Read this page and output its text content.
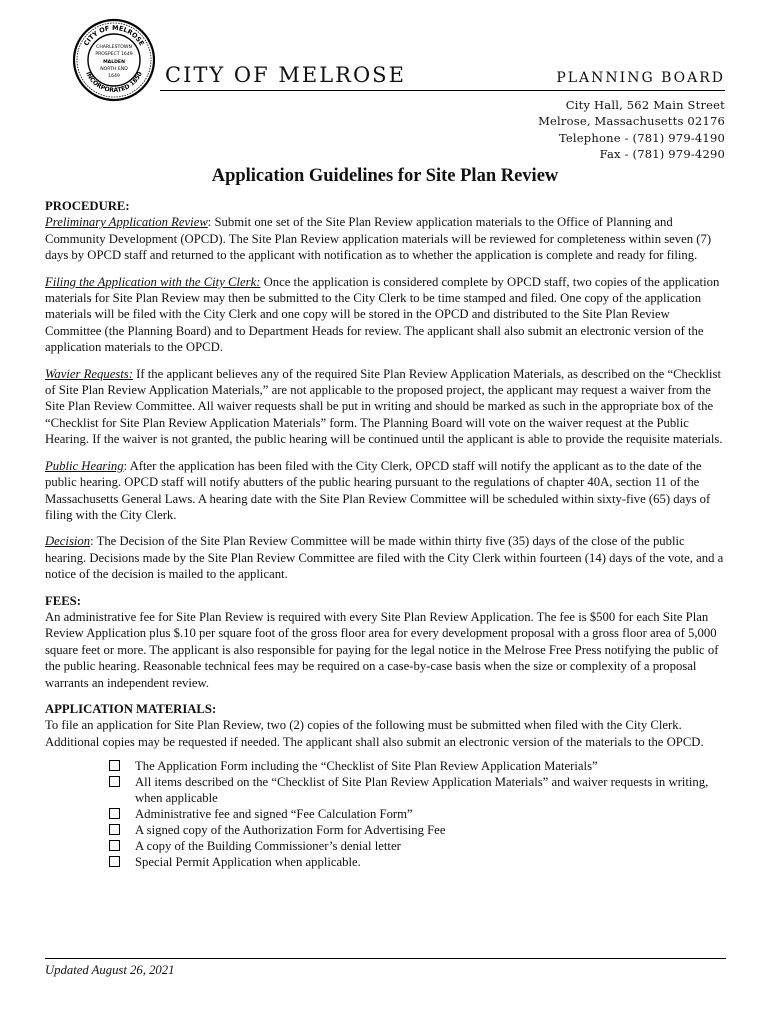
CITY OF MELROSE
INCORPORATED 1850
CHARLESTOWN
PROSPECT 1649
MALDEN
NORTH END
1649 CITY OF MELROSE	PLANNING BOARD
City Hall, 562 Main Street
Melrose, Massachusetts 02176
Telephone - (781) 979-4190
Fax - (781) 979-4290
Application Guidelines for Site Plan Review
PROCEDURE:

Preliminary Application Review: Submit one set of the Site Plan Review application materials to the Office of Planning and Community Development (OPCD). The Site Plan Review application materials will be reviewed for completeness within seven (7) days by OPCD staff and returned to the applicant with notification as to whether the application is complete and ready for filing.

Filing the Application with the City Clerk: Once the application is considered complete by OPCD staff, two copies of the application materials for Site Plan Review may then be submitted to the City Clerk to be time stamped and filed. One copy of the application materials will be filed with the City Clerk and one copy will be stored in the OPCD and distributed to the Site Plan Review Committee (the Planning Board) and to Department Heads for review. The applicant shall also submit an electronic version of the application materials to the OPCD.

Wavier Requests: If the applicant believes any of the required Site Plan Review Application Materials, as described on the “Checklist of Site Plan Review Application Materials,” are not applicable to the proposed project, the applicant may request a waiver from the Site Plan Review Committee. All waiver requests shall be put in writing and should be marked as such in the appropriate box of the “Checklist for Site Plan Review Application Materials” form. The Planning Board will vote on the waiver request at the Public Hearing. If the waiver is not granted, the public hearing will be continued until the applicant is able to provide the requisite materials.

Public Hearing: After the application has been filed with the City Clerk, OPCD staff will notify the applicant as to the date of the public hearing. OPCD staff will notify abutters of the public hearing pursuant to the regulations of chapter 40A, section 11 of the Massachusetts General Laws. A hearing date with the Site Plan Review Committee will be scheduled within sixty-five (65) days of filing with the City Clerk.

Decision: The Decision of the Site Plan Review Committee will be made within thirty five (35) days of the close of the public hearing. Decisions made by the Site Plan Review Committee are filed with the City Clerk within fourteen (14) days of the vote, and a notice of the decision is mailed to the applicant.

FEES:

An administrative fee for Site Plan Review is required with every Site Plan Review Application. The fee is $500 for each Site Plan Review Application plus $.10 per square foot of the gross floor area for every development proposal with a gross floor area of 5,000 square feet or more. The applicant is also responsible for paying for the legal notice in the Melrose Free Press notifying the public of the public hearing. Reasonable technical fees may be required on a case-by-case basis when the size or complexity of a proposal warrants an independent review.

APPLICATION MATERIALS:

To file an application for Site Plan Review, two (2) copies of the following must be submitted when filed with the City Clerk. Additional copies may be requested if needed. The applicant shall also submit an electronic version of the materials to the OPCD.

The Application Form including the “Checklist of Site Plan Review Application Materials”
All items described on the “Checklist of Site Plan Review Application Materials” and waiver requests in writing, when applicable
Administrative fee and signed “Fee Calculation Form”
A signed copy of the Authorization Form for Advertising Fee
A copy of the Building Commissioner’s denial letter
Special Permit Application when applicable.
Updated August 26, 2021
